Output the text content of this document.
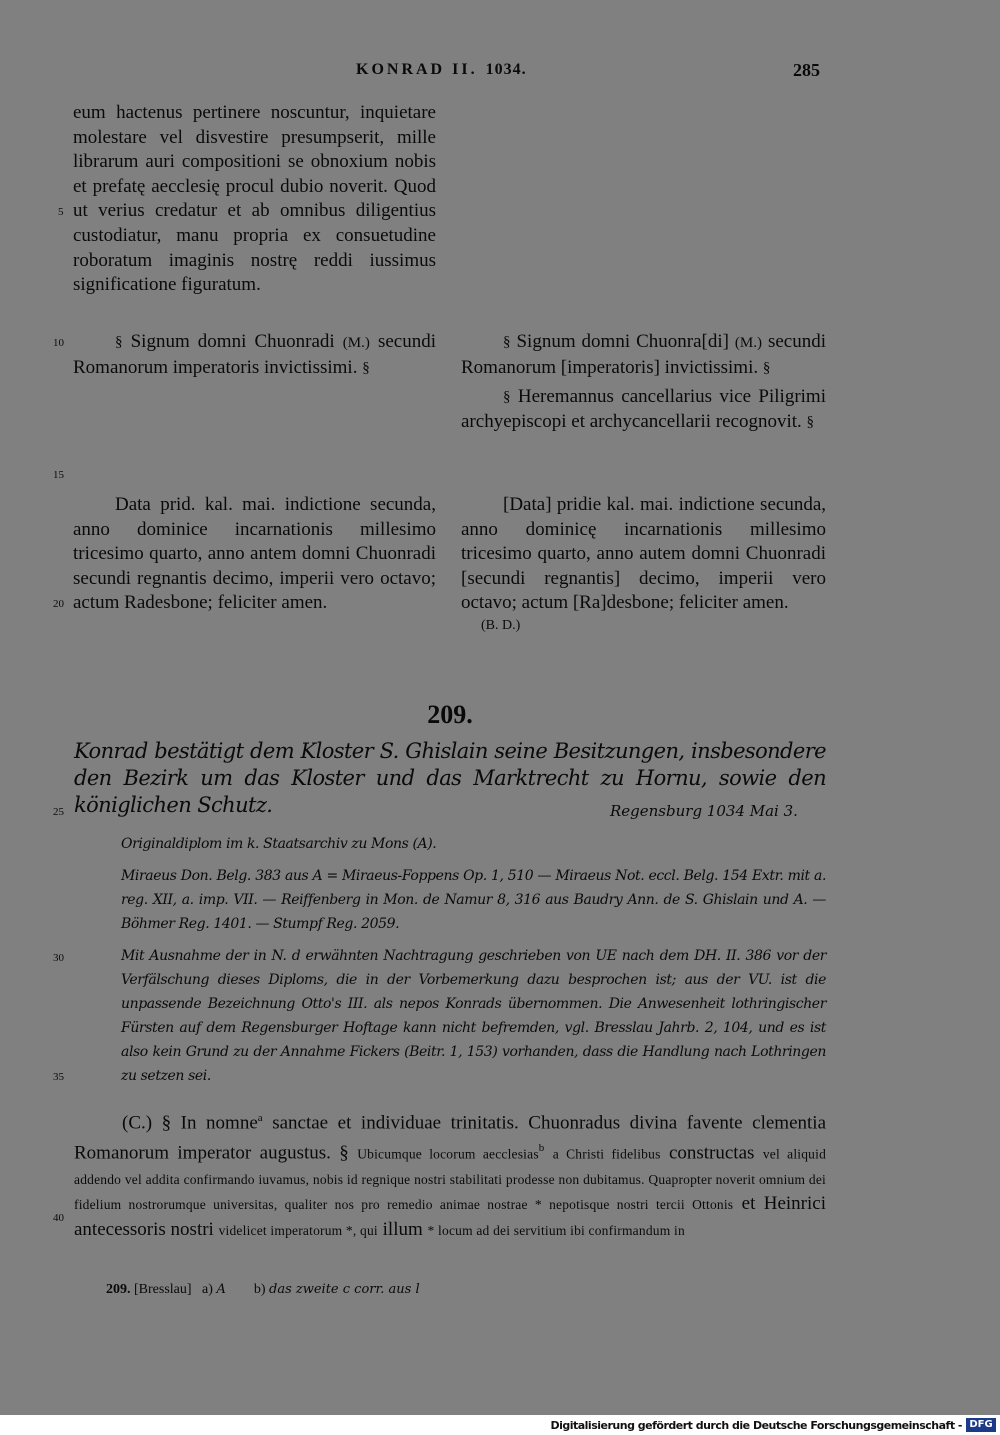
KONRAD II. 1034.	285

eum hactenus pertinere noscuntur, inquietare molestare vel disvestire presumpserit, mille librarum auri compositioni se obnoxium nobis et prefatę aecclesię procul dubio noverit. Quod ut verius credatur et ab omnibus diligentius custodiatur, manu propria ex consuetudine roboratum imaginis nostrę reddi iussimus significatione figuratum.

§ Signum domni Chuonradi (M.) secundi Romanorum imperatoris invictissimi. §

Data prid. kal. mai. indictione secunda, anno dominice incarnationis millesimo tricesimo quarto, anno antem domni Chuonradi secundi regnantis decimo, imperii vero octavo; actum Radesbone; feliciter amen.

§ Signum domni Chuonra[di] (M.) secundi Romanorum [imperatoris] invictissimi. §

§ Heremannus cancellarius vice Piligrimi archyepiscopi et archycancellarii recognovit. §

[Data] pridie kal. mai. indictione secunda, anno dominicę incarnationis millesimo tricesimo quarto, anno autem domni Chuonradi [secundi regnantis] decimo, imperii vero octavo; actum [Ra]desbone; feliciter amen.

(B. D.)

5
10
15
20
25
30
35
40
209.
Konrad bestätigt dem Kloster S. Ghislain seine Besitzungen, insbesondere den Bezirk um das Kloster und das Marktrecht zu Hornu, sowie den königlichen Schutz.	Regensburg 1034 Mai 3.

Originaldiplom im k. Staatsarchiv zu Mons (A).

Miraeus Don. Belg. 383 aus A = Miraeus-Foppens Op. 1, 510 — Miraeus Not. eccl. Belg. 154 Extr. mit a. reg. XII, a. imp. VII. — Reiffenberg in Mon. de Namur 8, 316 aus Baudry Ann. de S. Ghislain und A. — Böhmer Reg. 1401. — Stumpf Reg. 2059.

Mit Ausnahme der in N. d erwähnten Nachtragung geschrieben von UE nach dem DH. II. 386 vor der Verfälschung dieses Diploms, die in der Vorbemerkung dazu besprochen ist; aus der VU. ist die unpassende Bezeichnung Otto's III. als nepos Konrads übernommen. Die Anwesenheit lothringischer Fürsten auf dem Regensburger Hoftage kann nicht befremden, vgl. Bresslau Jahrb. 2, 104, und es ist also kein Grund zu der Annahme Fickers (Beitr. 1, 153) vorhanden, dass die Handlung nach Lothringen zu setzen sei.

(C.) § In nomne$^a$ sanctae et individuae trinitatis. Chuonradus divina favente clementia Romanorum imperator augustus. § Ubicumque locorum aecclesias$^b$ a Christi fidelibus constructas vel aliquid addendo vel addita confirmando iuvamus, nobis id regnique nostri stabilitati prodesse non dubitamus. Quapropter noverit omnium dei fidelium nostrorumque universitas, qualiter nos pro remedio animae nostrae * nepotisque nostri tercii Ottonis et Heinrici antecessoris nostri videlicet imperatorum *, qui illum * locum ad dei servitium ibi confirmandum in

209. [Bresslau] a) A b) das zweite c corr. aus l
Digitalisierung gefördert durch die Deutsche Forschungsgemeinschaft - DFG
